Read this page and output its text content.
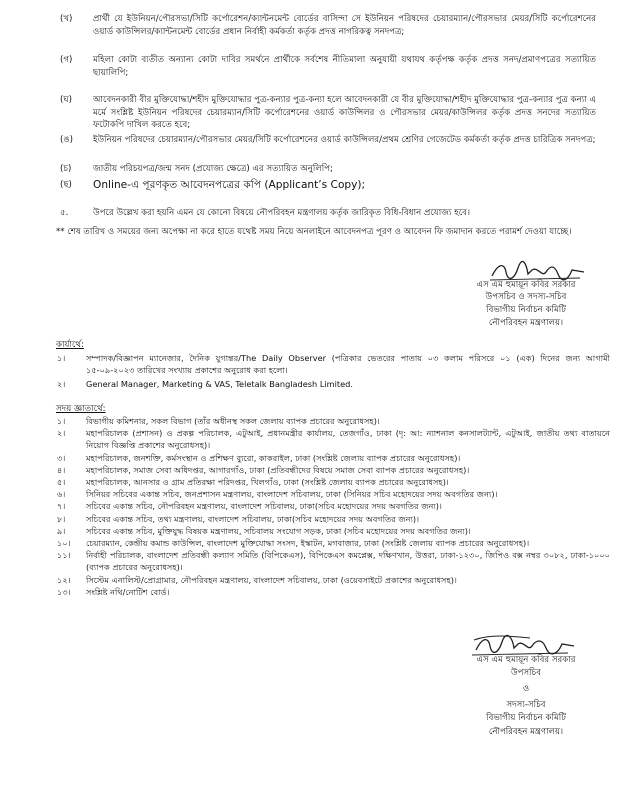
(খ) প্রার্থী যে ইউনিয়ন/পৌরসভা/সিটি কর্পোরেশন/ক্যান্টনমেন্ট বোর্ডের বাসিন্দা সে ইউনিয়ন পরিষদের চেয়ারম্যান/পৌরসভার মেয়র/সিটি কর্পোরেশনের ওয়ার্ড কাউন্সিলর/ক্যান্টনমেন্ট বোর্ডের প্রধান নির্বাহী কর্মকর্তা কর্তৃক প্রদত্ত নাগরিকত্ব সনদপত্র;
(গ) মহিলা কোটা ব্যতীত অন্যান্য কোটা দাবির সমর্থনে প্রার্থীকে সর্বশেষ নীতিমালা অনুযায়ী যথাযথ কর্তৃপক্ষ কর্তৃক প্রদত্ত সনদ/প্রমাণপত্রের সত্যায়িত ছায়ালিপি;
(ঘ) আবেদনকারী বীর মুক্তিযোদ্ধা/শহীদ মুক্তিযোদ্ধার পুত্র-কন্যার পুত্র-কন্যা হলে আবেদনকারী যে বীর মুক্তিযোদ্ধা/শহীদ মুক্তিযোদ্ধার পুত্র-কন্যার পুত্র কন্যা এ মর্মে সংশ্লিষ্ট ইউনিয়ন পরিষদের চেয়ারম্যান/সিটি কর্পোরেশনের ওয়ার্ড কাউন্সিলর ও পৌরসভার মেয়র/কাউন্সিলর কর্তৃক প্রদত্ত সনদের সত্যায়িত ফটোকপি দাখিল করতে হবে;
(ঙ) ইউনিয়ন পরিষদের চেয়ারম্যান/পৌরসভার মেয়র/সিটি কর্পোরেশনের ওয়ার্ড কাউন্সিলর/প্রথম শ্রেণির গেজেটেড কর্মকর্তা কর্তৃক প্রদত্ত চারিত্রিক সনদপত্র;
(চ)	জাতীয় পরিচয়পত্র/জন্ম সনদ (প্রযোজ্য ক্ষেত্রে) এর সত্যায়িত অনুলিপি;
(ছ) Online-এ পূরণকৃত আবেদনপত্রের কপি (Applicant’s Copy);
৫.	উপরে উল্লেখ করা হয়নি এমন যে কোনো বিষয়ে নৌপরিবহন মন্ত্রণালয় কর্তৃক জারিকৃত বিধি-বিধান প্রযোজ্য হবে।
** শেষ তারিখ ও সময়ের জন্য অপেক্ষা না করে হাতে যথেষ্ট সময় নিয়ে অনলাইনে আবেদনপত্র পূরণ ও আবেদন ফি জমাদান করতে পরামর্শ দেওয়া যাচ্ছে।
এস এম হুমায়ূন কবির সরকার
উপসচিব ও সদস্য-সচিব
বিভাগীয় নির্বাচন কমিটি
নৌপরিবহন মন্ত্রণালয়।
কার্যার্থে:
১।	সম্পাদক/বিজ্ঞাপন ম্যানেজার, দৈনিক যুগান্তর/The Daily Observer (পত্রিকার ভেতরের পাতায় ০৩ কলাম পরিসরে ০১ (এক) দিনের জন্য আগামী ১৫-০৯-২০২৩ তারিখের সংখ্যায় প্রকাশের অনুরোধ করা হলো।
২।	General Manager, Marketing & VAS, Teletalk Bangladesh Limited.
সদয় জ্ঞাতার্থে:
১।	বিভাগীয় কমিশনার, সকল বিভাগ (তাঁর অধীনস্থ সকল জেলায় ব্যাপক প্রচারের অনুরোধসহ)।
২।	মহাপরিচালক (প্রশাসন) ও প্রকল্প পরিচালক, এটুআই, প্রধানমন্ত্রীর কার্যালয়, তেজগাঁও, ঢাকা (দৃ: আ: ন্যাশনাল কনসালট্যান্ট, এটুআই, জাতীয় তথ্য বাতায়নে নিয়োগ বিজ্ঞপ্তি প্রকাশের অনুরোধসহ)।
৩।	মহাপরিচালক, জনশক্তি, কর্মসংস্থান ও প্রশিক্ষণ ব্যুরো, কাকরাইল, ঢাকা (সংশ্লিষ্ট জেলায় ব্যাপক প্রচারের অনুরোধসহ)।
৪।	মহাপরিচালক, সমাজ সেবা অধিদপ্তর, আগারগাঁও, ঢাকা (প্রতিবন্ধীদের বিষয়ে সমাজ সেবা ব্যাপক প্রচারের অনুরোধসহ)।
৫।	মহাপরিচালক, আনসার ও গ্রাম প্রতিরক্ষা পরিদপ্তর, খিলগাঁও, ঢাকা (সংশ্লিষ্ট জেলায় ব্যাপক প্রচারের অনুরোধসহ)।
৬।	সিনিয়র সচিবের একান্ত সচিব, জনপ্রশাসন মন্ত্রণালয়, বাংলাদেশ সচিবালয়, ঢাকা (সিনিয়র সচিব মহোদয়ের সদয় অবগতির জন্য)।
৭।	সচিবের একান্ত সচিব, নৌপরিবহন মন্ত্রণালয়, বাংলাদেশ সচিবালয়, ঢাকা(সচিব মহোদয়ের সদয় অবগতির জন্য)।
৮।	সচিবের একান্ত সচিব, তথ্য মন্ত্রণালয়, বাংলাদেশ সচিবালয়, ঢাকা(সচিব মহোদয়ের সদয় অবগতির জন্য)।
৯।	সচিবের একান্ত সচিব, মুক্তিযুদ্ধ বিষয়ক মন্ত্রণালয়, সচিবালয় সংযোগ সড়ক, ঢাকা (সচিব মহোদয়ের সদয় অবগতির জন্য)।
১০। চেয়ারম্যান, কেন্দ্রীয় কমান্ড কাউন্সিল, বাংলাদেশ মুক্তিযোদ্ধা সংসদ, ইস্কাটন, মগবাজার, ঢাকা (সংশ্লিষ্ট জেলায় ব্যাপক প্রচারের অনুরোধসহ)।
১১। নির্বাহী পরিচালক, বাংলাদেশ প্রতিবন্ধী কল্যাণ সমিতি (বিপিকেএস), বিপিকেএস কমপ্লেক্স, দক্ষিণখান, উত্তরা, ঢাকা-১২৩০, জিপিও বক্স নম্বর ৩০৮২, ঢাকা-১০০০ (ব্যাপক প্রচারের অনুরোধসহ)।
১২। সিস্টেম এনালিস্ট/প্রোগ্রামার, নৌপরিবহন মন্ত্রণালয়, বাংলাদেশ সচিবালয়, ঢাকা (ওয়েবসাইটে প্রকাশের অনুরোধসহ)।
১৩। সংশ্লিষ্ট নথি/নোটিশ বোর্ড।
এস এম হুমায়ূন কবির সরকার
উপসচিব
ও
সদস্য-সচিব
বিভাগীয় নির্বাচন কমিটি
নৌপরিবহন মন্ত্রণালয়।
